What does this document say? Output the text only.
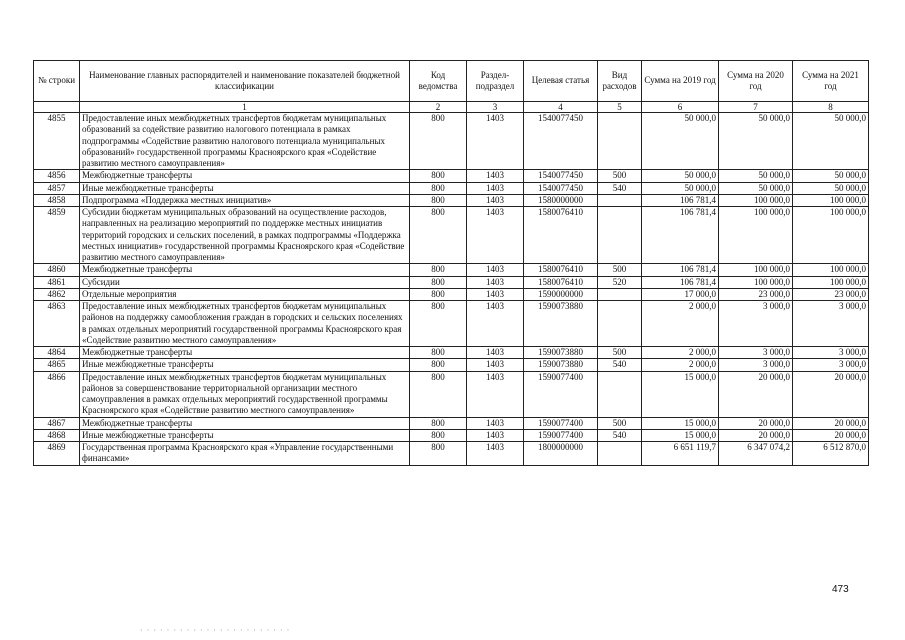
№ строки	Наименование главных распорядителей и наименование показателей бюджетной классификации	Код ведомства	Раздел-подраздел	Целевая статья	Вид расходов	Сумма на 2019 год	Сумма на 2020 год	Сумма на 2021 год
	1	2	3	4	5	6	7	8
4855	Предоставление иных межбюджетных трансфертов бюджетам муниципальных образований за содействие развитию налогового потенциала в рамках подпрограммы «Содействие развитию налогового потенциала муниципальных образований» государственной программы Красноярского края «Содействие развитию местного самоуправления»	800	1403	1540077450		50 000,0	50 000,0	50 000,0
4856	Межбюджетные трансферты	800	1403	1540077450	500	50 000,0	50 000,0	50 000,0
4857	Иные межбюджетные трансферты	800	1403	1540077450	540	50 000,0	50 000,0	50 000,0
4858	Подпрограмма «Поддержка местных инициатив»	800	1403	1580000000		106 781,4	100 000,0	100 000,0
4859	Субсидии бюджетам муниципальных образований на осуществление расходов, направленных на реализацию мероприятий по поддержке местных инициатив территорий городских и сельских поселений, в рамках подпрограммы «Поддержка местных инициатив» государственной программы Красноярского края «Содействие развитию местного самоуправления»	800	1403	1580076410		106 781,4	100 000,0	100 000,0
4860	Межбюджетные трансферты	800	1403	1580076410	500	106 781,4	100 000,0	100 000,0
4861	Субсидии	800	1403	1580076410	520	106 781,4	100 000,0	100 000,0
4862	Отдельные мероприятия	800	1403	1590000000		17 000,0	23 000,0	23 000,0
4863	Предоставление иных межбюджетных трансфертов бюджетам муниципальных районов на поддержку самообложения граждан в городских и сельских поселениях в рамках отдельных мероприятий государственной программы Красноярского края «Содействие развитию местного самоуправления»	800	1403	1590073880		2 000,0	3 000,0	3 000,0
4864	Межбюджетные трансферты	800	1403	1590073880	500	2 000,0	3 000,0	3 000,0
4865	Иные межбюджетные трансферты	800	1403	1590073880	540	2 000,0	3 000,0	3 000,0
4866	Предоставление иных межбюджетных трансфертов бюджетам муниципальных районов за совершенствование территориальной организации местного самоуправления в рамках отдельных мероприятий государственной программы Красноярского края «Содействие развитию местного самоуправления»	800	1403	1590077400		15 000,0	20 000,0	20 000,0
4867	Межбюджетные трансферты	800	1403	1590077400	500	15 000,0	20 000,0	20 000,0
4868	Иные межбюджетные трансферты	800	1403	1590077400	540	15 000,0	20 000,0	20 000,0
4869	Государственная программа Красноярского края «Управление государственными финансами»	800	1403	1800000000		6 651 119,7	6 347 074,2	6 512 870,0
473
· · · · · · · · · · · · · · · · · · · · · · ·
